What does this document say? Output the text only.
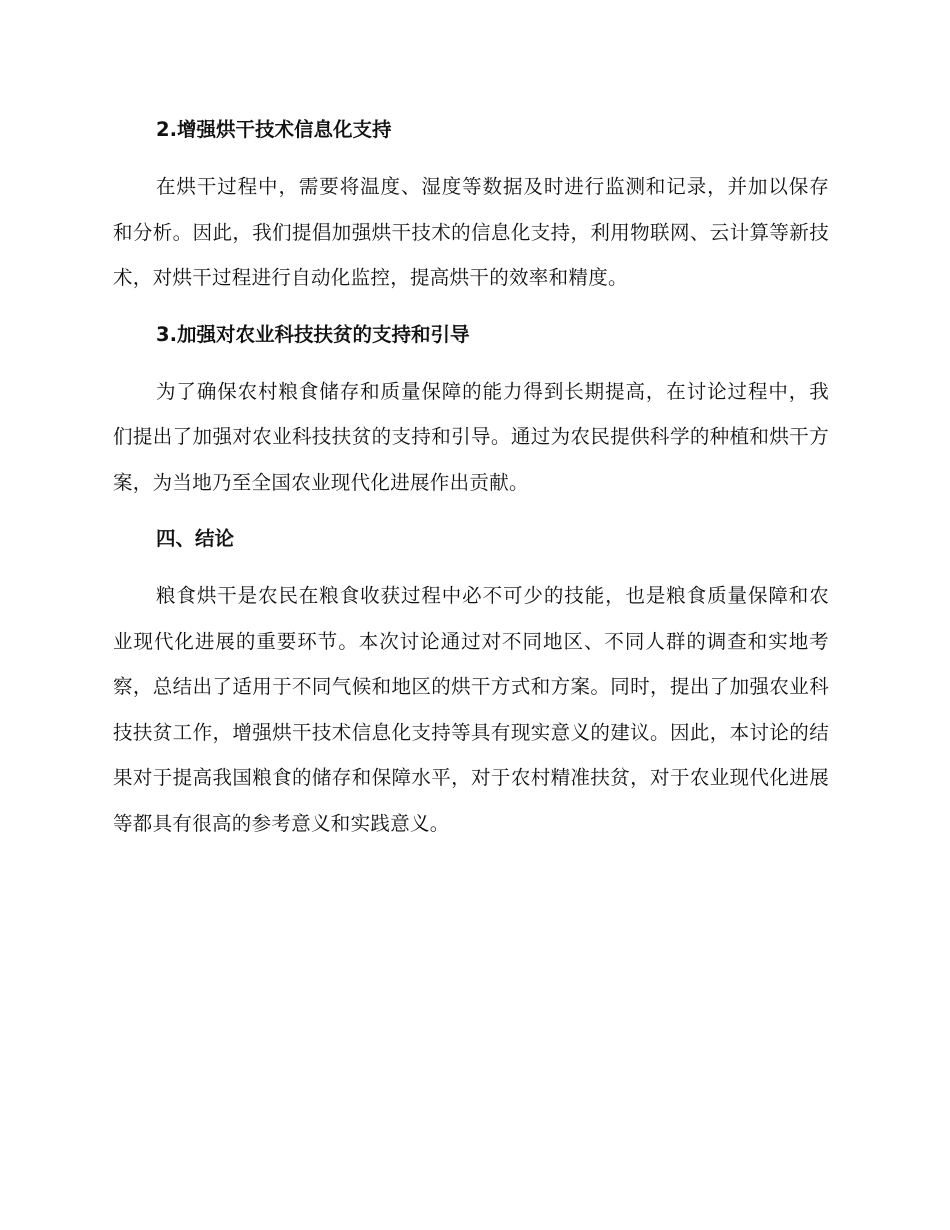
2.增强烘干技术信息化支持

在烘干过程中，需要将温度、湿度等数据及时进行监测和记录，并加以保存和分析。因此，我们提倡加强烘干技术的信息化支持，利用物联网、云计算等新技术，对烘干过程进行自动化监控，提高烘干的效率和精度。

3.加强对农业科技扶贫的支持和引导

为了确保农村粮食储存和质量保障的能力得到长期提高，在讨论过程中，我们提出了加强对农业科技扶贫的支持和引导。通过为农民提供科学的种植和烘干方案，为当地乃至全国农业现代化进展作出贡献。

四、结论

粮食烘干是农民在粮食收获过程中必不可少的技能，也是粮食质量保障和农业现代化进展的重要环节。本次讨论通过对不同地区、不同人群的调查和实地考察，总结出了适用于不同气候和地区的烘干方式和方案。同时，提出了加强农业科技扶贫工作，增强烘干技术信息化支持等具有现实意义的建议。因此，本讨论的结果对于提高我国粮食的储存和保障水平，对于农村精准扶贫，对于农业现代化进展等都具有很高的参考意义和实践意义。
